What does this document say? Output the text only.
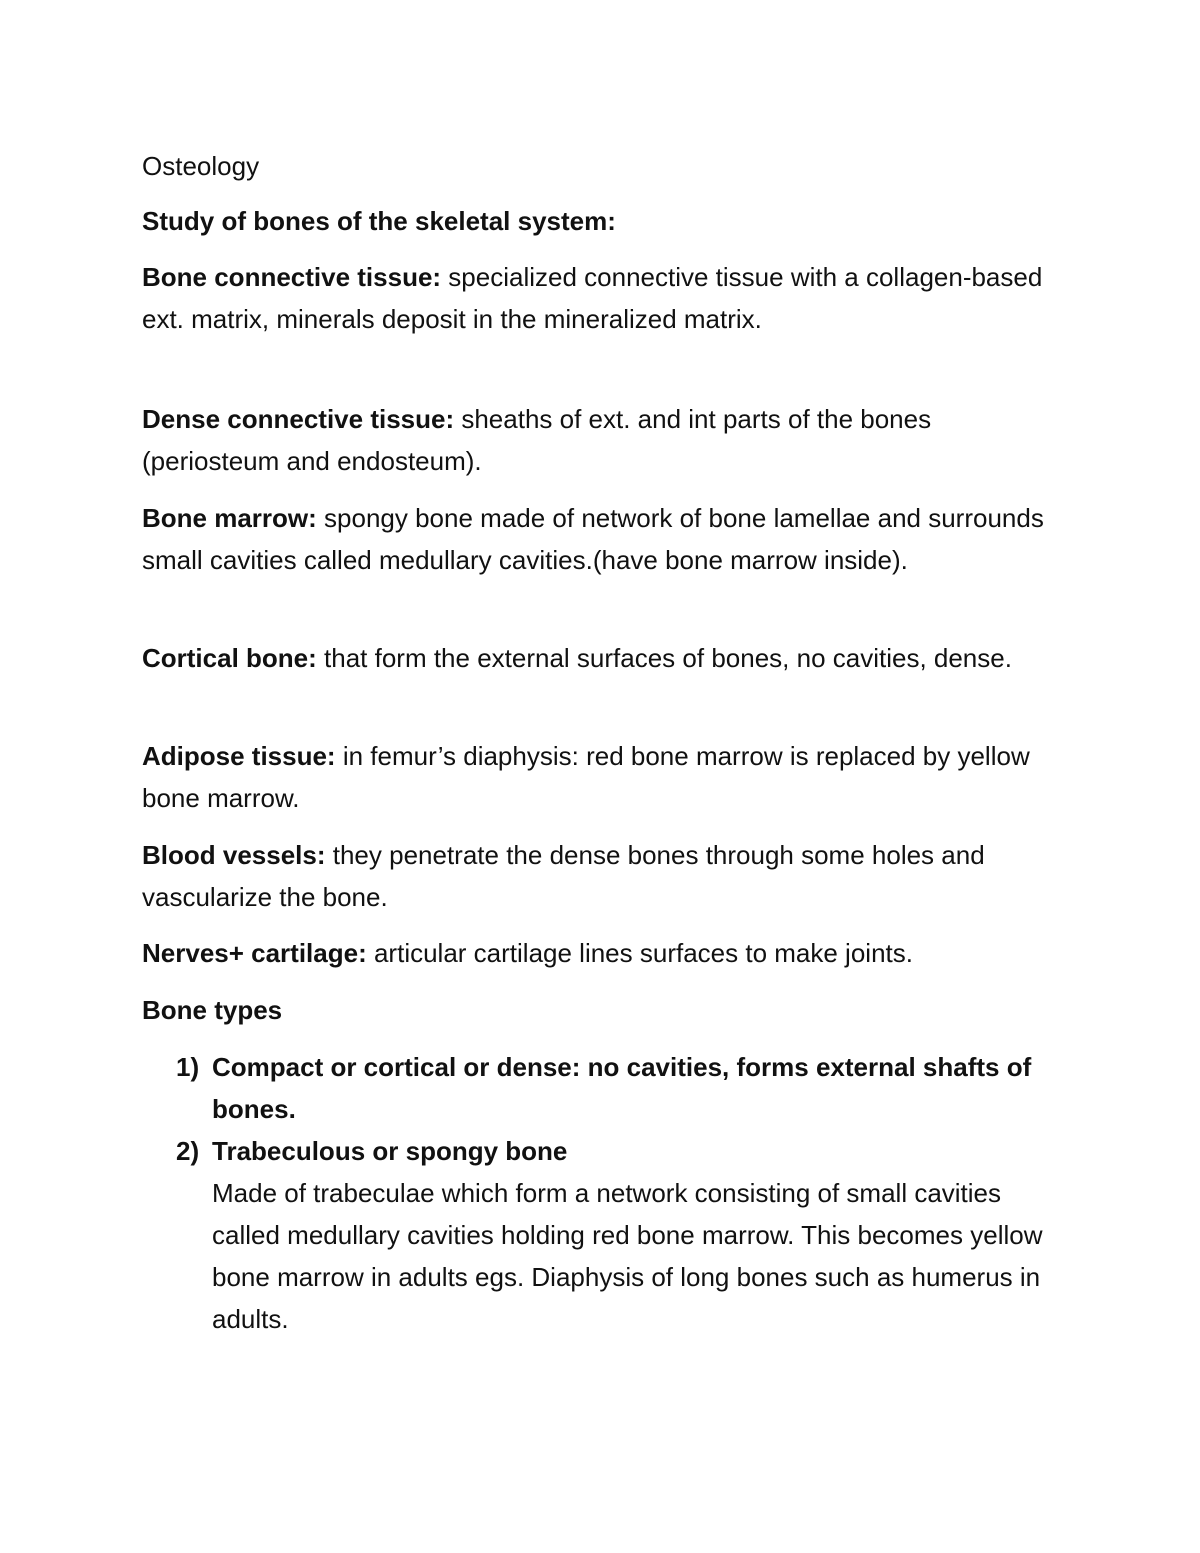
Osteology
Study of bones of the skeletal system:
Bone connective tissue: specialized connective tissue with a collagen-based ext. matrix, minerals deposit in the mineralized matrix.
Dense connective tissue: sheaths of ext. and int parts of the bones (periosteum and endosteum).
Bone marrow: spongy bone made of network of bone lamellae and surrounds small cavities called medullary cavities.(have bone marrow inside).
Cortical bone: that form the external surfaces of bones, no cavities, dense.
Adipose tissue: in femur’s diaphysis: red bone marrow is replaced by yellow bone marrow.
Blood vessels: they penetrate the dense bones through some holes and vascularize the bone.
Nerves+ cartilage: articular cartilage lines surfaces to make joints.
Bone types
1) Compact or cortical or dense: no cavities, forms external shafts of bones.
2) Trabeculous or spongy bone
Made of trabeculae which form a network consisting of small cavities called medullary cavities holding red bone marrow. This becomes yellow bone marrow in adults egs. Diaphysis of long bones such as humerus in adults.
